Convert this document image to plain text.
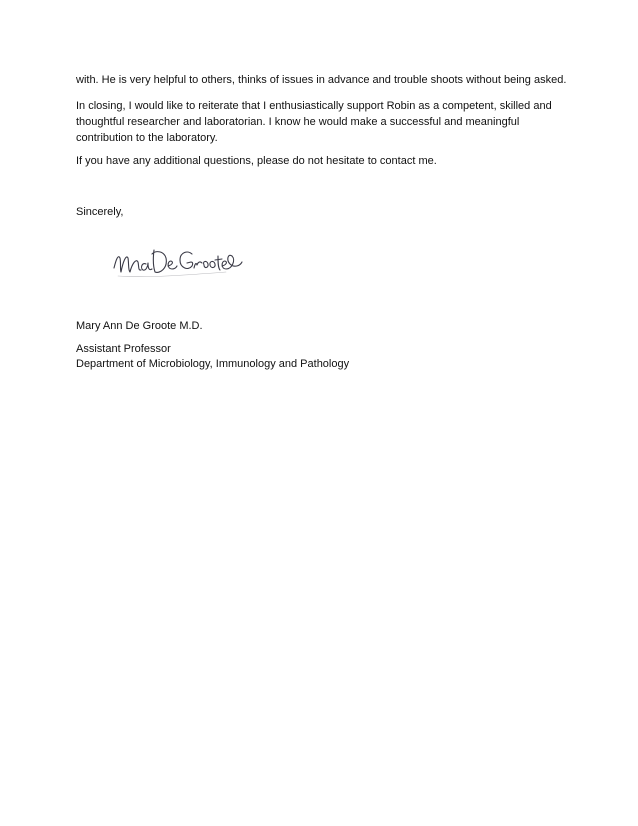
with. He is very helpful to others, thinks of issues in advance and trouble shoots without being asked.

In closing, I would like to reiterate that I enthusiastically support Robin as a competent, skilled and thoughtful researcher and laboratorian. I know he would make a successful and meaningful contribution to the laboratory.

If you have any additional questions, please do not hesitate to contact me.

Sincerely,

Mary Ann De Groote M.D.

Assistant Professor

Department of Microbiology, Immunology and Pathology
